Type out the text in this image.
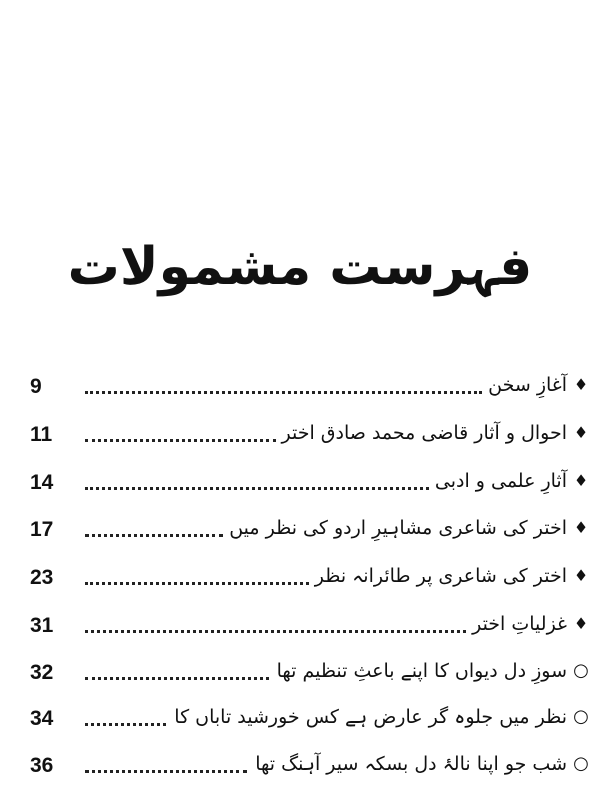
فہرست مشمولات
9	آغازِ سخن ♦
11	احوال و آثار قاضی محمد صادق اختر ♦
14	آثارِ علمی و ادبی ♦
17	اختر کی شاعری مشاہیرِ اردو کی نظر میں ♦
23	اختر کی شاعری پر طائرانہ نظر ♦
31	غزلیاتِ اختر ♦
32	سوزِ دل دیواں کا اپنے باعثِ تنظیم تھا ○
34	نظر میں جلوہ گر عارض ہے کس خورشید تاباں کا ○
36	شب جو اپنا نالۂ دل بسکہ سیر آہنگ تھا ○
